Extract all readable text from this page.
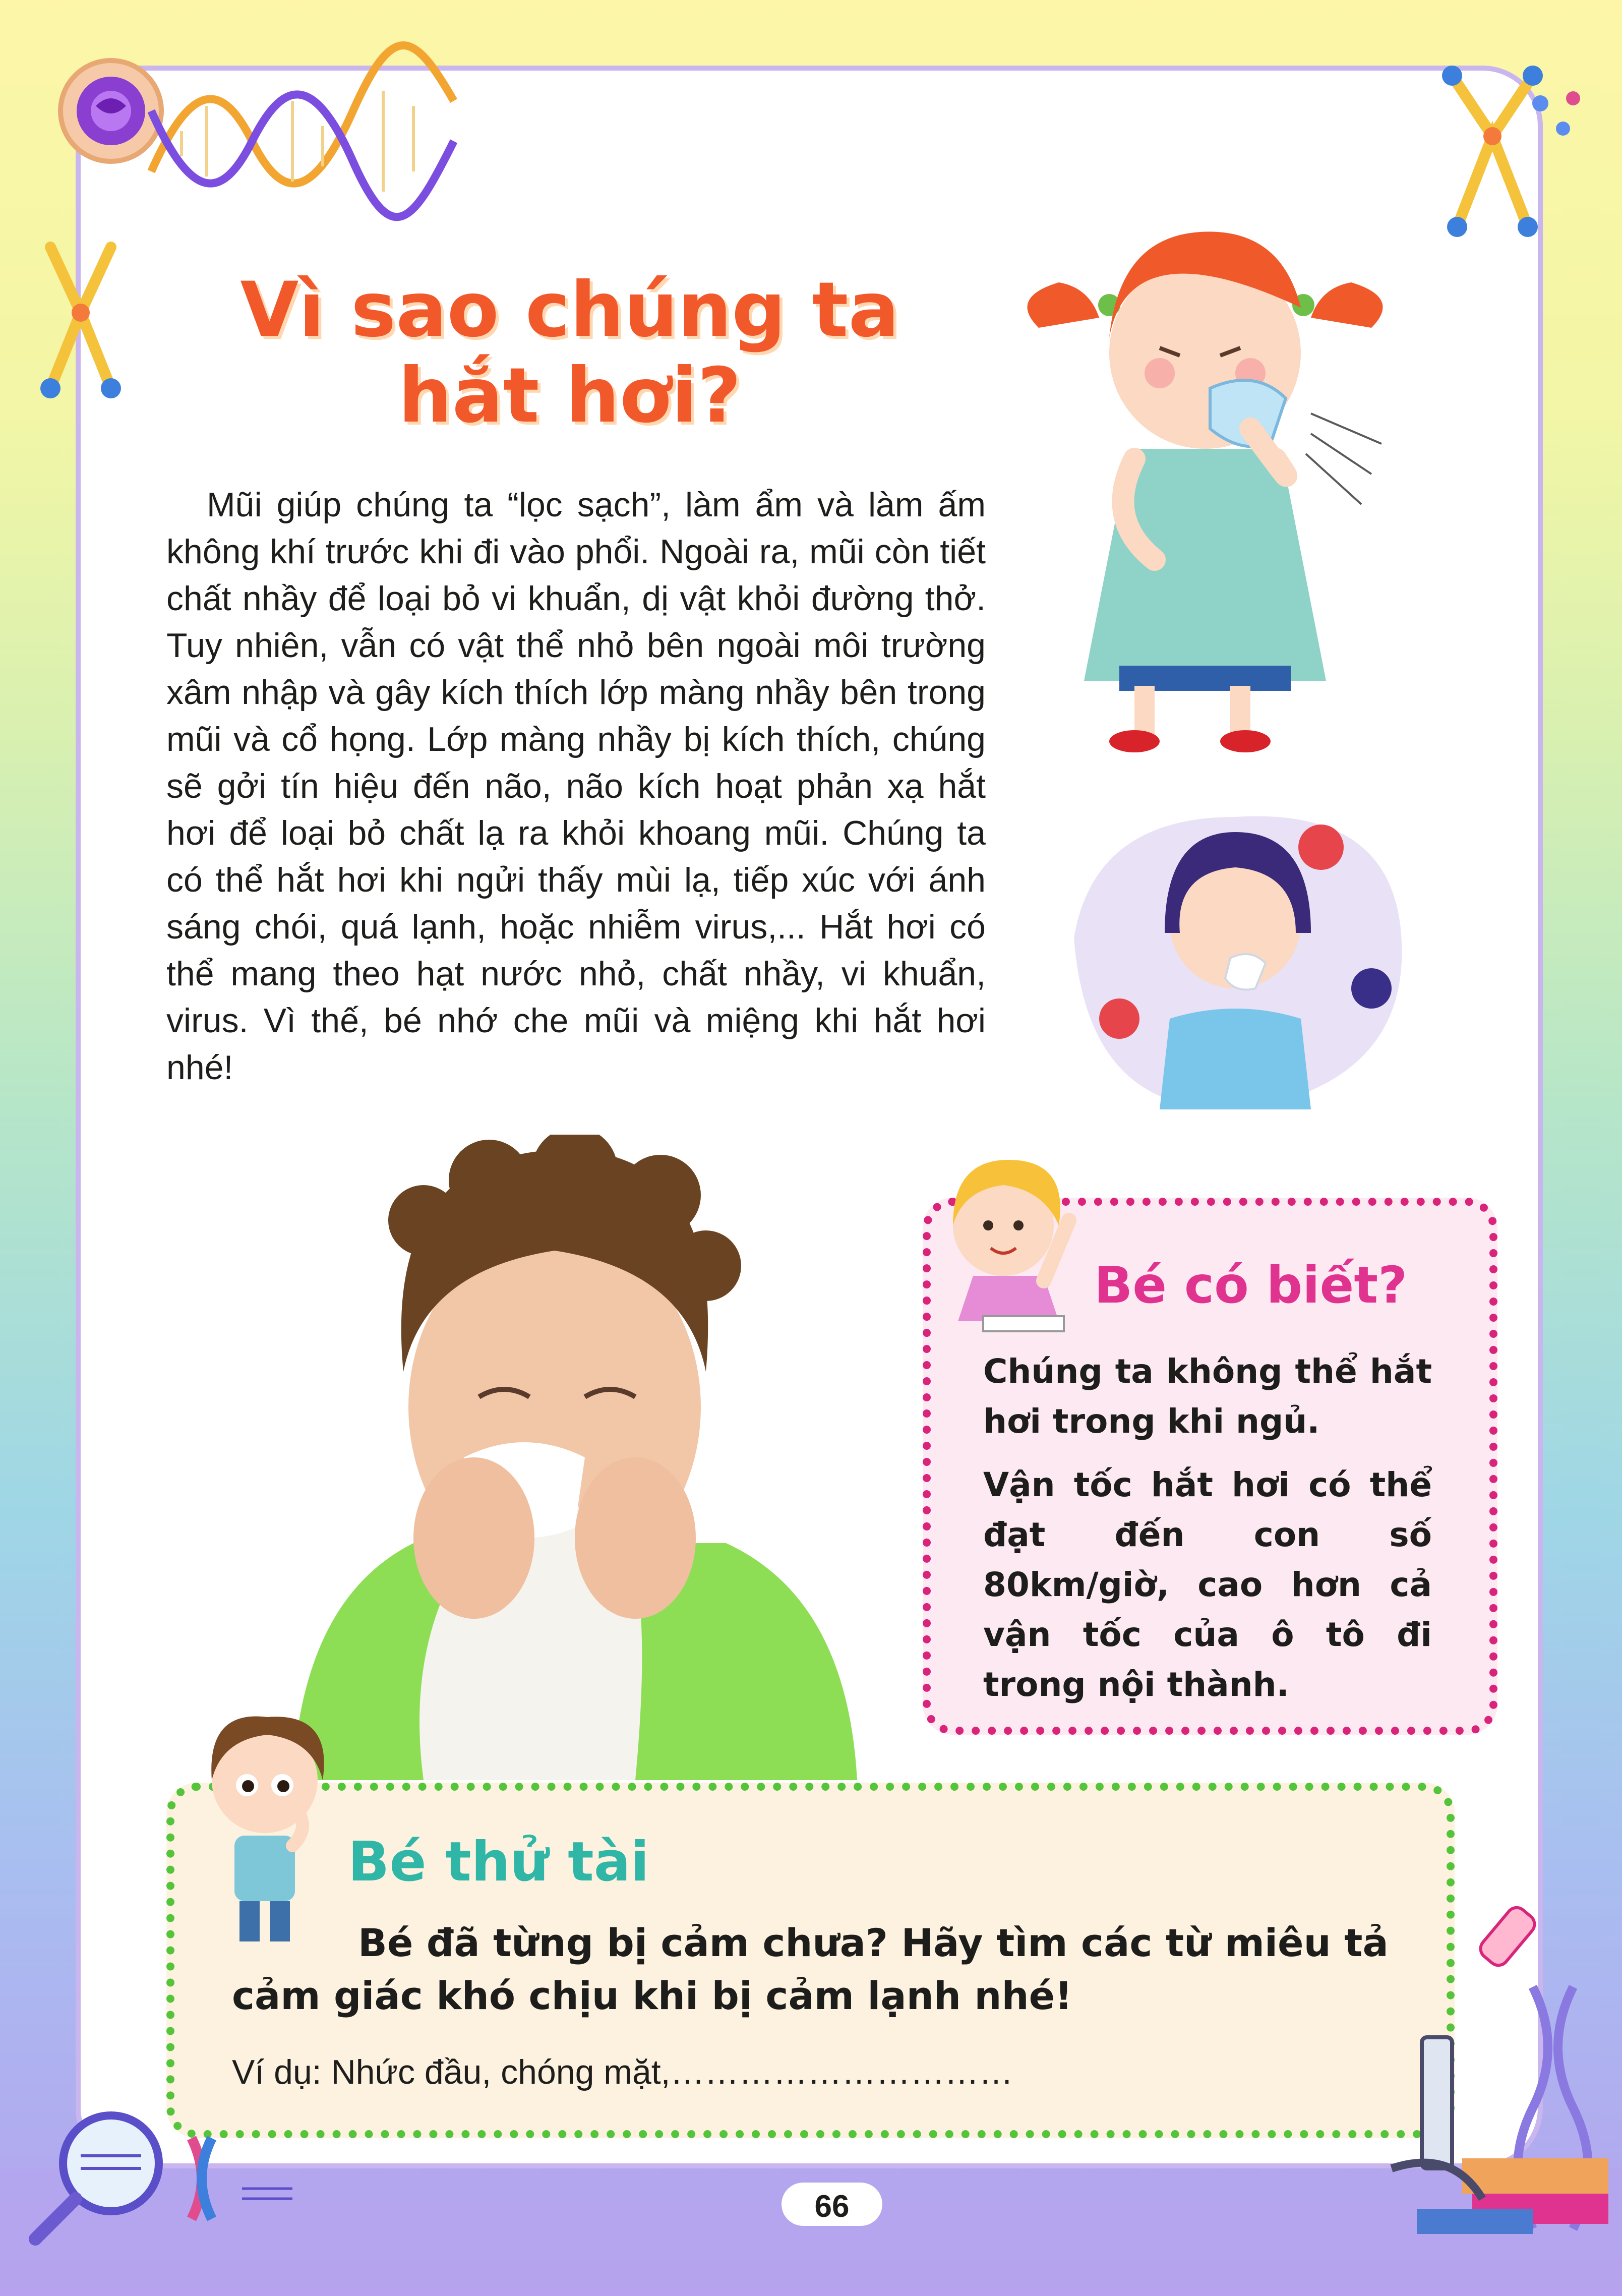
Vì sao chúng ta
hắt hơi?
Mũi giúp chúng ta “lọc sạch”, làm ẩm và làm ấm không khí trước khi đi vào phổi. Ngoài ra, mũi còn tiết chất nhầy để loại bỏ vi khuẩn, dị vật khỏi đường thở. Tuy nhiên, vẫn có vật thể nhỏ bên ngoài môi trường xâm nhập và gây kích thích lớp màng nhầy bên trong mũi và cổ họng. Lớp màng nhầy bị kích thích, chúng sẽ gởi tín hiệu đến não, não kích hoạt phản xạ hắt hơi để loại bỏ chất lạ ra khỏi khoang mũi. Chúng ta có thể hắt hơi khi ngửi thấy mùi lạ, tiếp xúc với ánh sáng chói, quá lạnh, hoặc nhiễm virus,... Hắt hơi có thể mang theo hạt nước nhỏ, chất nhầy, vi khuẩn, virus. Vì thế, bé nhớ che mũi và miệng khi hắt hơi nhé!
Bé có biết?
Chúng ta không thể hắt hơi trong khi ngủ.
Vận tốc hắt hơi có thể đạt đến con số 80km/giờ, cao hơn cả vận tốc của ô tô đi trong nội thành.
Bé thử tài
Bé đã từng bị cảm chưa? Hãy tìm các từ miêu tả cảm giác khó chịu khi bị cảm lạnh nhé!
Ví dụ: Nhức đầu, chóng mặt,…………………………
66
